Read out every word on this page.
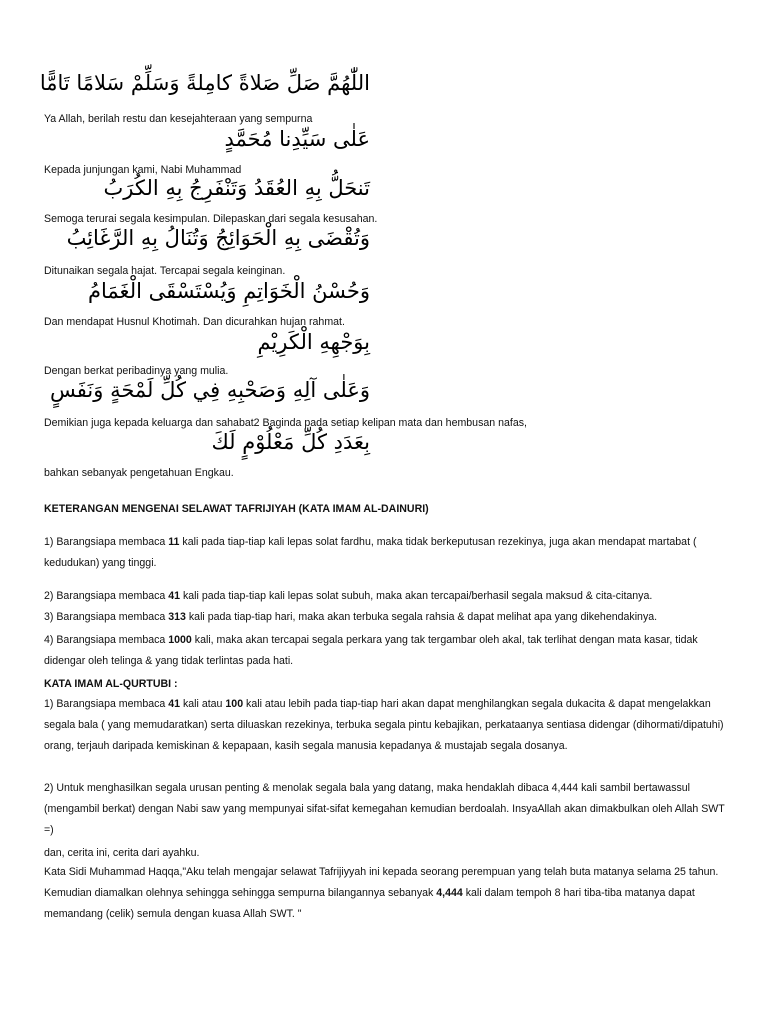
اللّٰهُمَّ صَلِّ صَلاةً كامِلةً وَسَلِّمْ سَلامًا تَامًّا
Ya Allah, berilah restu dan kesejahteraan yang sempurna
عَلٰى سَيِّدِنا مُحَمَّدٍ
Kepada junjungan kami, Nabi Muhammad
تَنحَلُّ بِهِ العُقَدُ وَتَنْفَرِجُ بِهِ الكُرَبُ
Semoga terurai segala kesimpulan. Dilepaskan dari segala kesusahan.
وَتُقْضَى بِهِ الْحَوَائِجُ وَتُنَالُ بِهِ الرَّغَائِبُ
Ditunaikan segala hajat. Tercapai segala keinginan.
وَحُسْنُ الْخَوَاتِمِ وَيُسْتَسْقَى الْغَمَامُ
Dan mendapat Husnul Khotimah. Dan dicurahkan hujan rahmat.
بِوَجْهِهِ الْكَرِيْمِ
Dengan berkat peribadinya yang mulia.
وَعَلٰى آلِهِ وَصَحْبِهِ فِي كُلِّ لَمْحَةٍ وَنَفَسٍ
Demikian juga kepada keluarga dan sahabat2 Baginda pada setiap kelipan mata dan hembusan nafas,
بِعَدَدِ كُلِّ مَعْلُوْمٍ لَكَ
bahkan sebanyak pengetahuan Engkau.
KETERANGAN MENGENAI SELAWAT TAFRIJIYAH (KATA IMAM AL-DAINURI)
1) Barangsiapa membaca 11 kali pada tiap-tiap kali lepas solat fardhu, maka tidak berkeputusan rezekinya, juga akan mendapat martabat ( kedudukan) yang tinggi.
2) Barangsiapa membaca 41 kali pada tiap-tiap kali lepas solat subuh, maka akan tercapai/berhasil segala maksud & cita-citanya.
3) Barangsiapa membaca 313 kali pada tiap-tiap hari, maka akan terbuka segala rahsia & dapat melihat apa yang dikehendakinya.
4) Barangsiapa membaca 1000 kali, maka akan tercapai segala perkara yang tak tergambar oleh akal, tak terlihat dengan mata kasar, tidak didengar oleh telinga & yang tidak terlintas pada hati.
KATA IMAM AL-QURTUBI :
1) Barangsiapa membaca 41 kali atau 100 kali atau lebih pada tiap-tiap hari akan dapat menghilangkan segala dukacita & dapat mengelakkan segala bala ( yang memudaratkan) serta diluaskan rezekinya, terbuka segala pintu kebajikan, perkataanya sentiasa didengar (dihormati/dipatuhi) orang, terjauh daripada kemiskinan & kepapaan, kasih segala manusia kepadanya & mustajab segala dosanya.
2) Untuk menghasilkan segala urusan penting & menolak segala bala yang datang, maka hendaklah dibaca 4,444 kali sambil bertawassul (mengambil berkat) dengan Nabi saw yang mempunyai sifat-sifat kemegahan kemudian berdoalah. InsyaAllah akan dimakbulkan oleh Allah SWT =)
dan, cerita ini, cerita dari ayahku.
Kata Sidi Muhammad Haqqa,"Aku telah mengajar selawat Tafrijiyyah ini kepada seorang perempuan yang telah buta matanya selama 25 tahun. Kemudian diamalkan olehnya sehingga sehingga sempurna bilangannya sebanyak 4,444 kali dalam tempoh 8 hari tiba-tiba matanya dapat memandang (celik) semula dengan kuasa Allah SWT. "
